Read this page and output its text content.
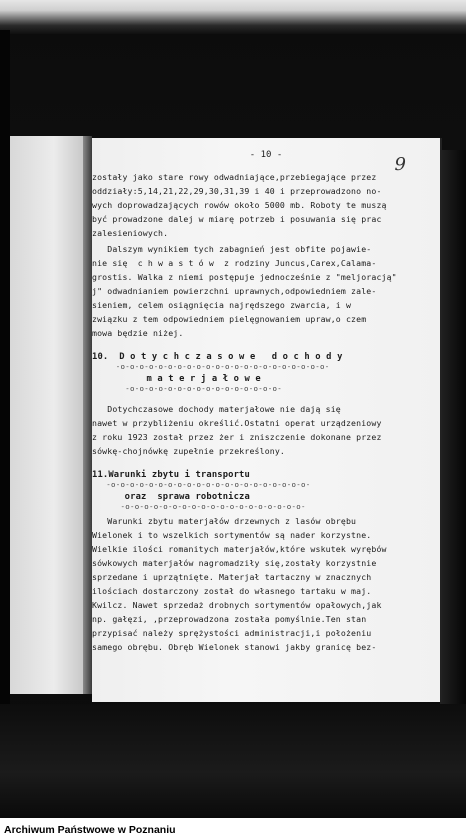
- 10 -	9
zostały jako stare rowy odwadniające,przebiegające przez
oddziały:5,14,21,22,29,30,31,39 i 40 i przeprowadzono no-
wych doprowadzających rowów około 5000 mb. Roboty te muszą
być prowadzone dalej w miarę potrzeb i posuwania się prac
zalesieniowych.
Dalszym wynikiem tych zabagnień jest obfite pojawie-
nie się  c h w a s t ó w  z rodziny Juncus,Carex,Calama-
grostis. Walka z niemi postępuje jednocześnie z "meljoracją"
j" odwadnianiem powierzchni uprawnych,odpowiedniem zale-
sieniem, celem osiągnięcia najrędszego zwarcia, i w
związku z tem odpowiedniem pielęgnowaniem upraw,o czem
mowa będzie niżej.
10.  D o t y c h c z a s o w e   d o c h o d y
-o-o-o-o-o-o-o-o-o-o-o-o-o-o-o-o-o-o-o-o-o-o-
m a t e r j a ł o w e
-o-o-o-o-o-o-o-o-o-o-o-o-o-o-o-o-
Dotychczasowe dochody materjałowe nie dają się
nawet w przybliżeniu określić.Ostatni operat urządzeniowy
z roku 1923 został przez żer i zniszczenie dokonane przez
sówkę-chojnówkę zupełnie przekreślony.
11.Warunki zbytu i transportu
-o-o-o-o-o-o-o-o-o-o-o-o-o-o-o-o-o-o-o-o-o-
oraz  sprawa robotnicza
-o-o-o-o-o-o-o-o-o-o-o-o-o-o-o-o-o-o-o-
Warunki zbytu materjałów drzewnych z lasów obrębu
Wielonek i to wszelkich sortymentów są nader korzystne.
Wielkie ilości romanitych materjałów,które wskutek wyrębów
sówkowych materjałów nagromadziły się,zostały korzystnie
sprzedane i uprzątnięte. Materjał tartaczny w znacznych
ilościach dostarczony został do własnego tartaku w maj.
Kwilcz. Nawet sprzedaż drobnych sortymentów opałowych,jak
np. gałęzi, ,przeprowadzona została pomyślnie.Ten stan
przypisać należy sprężystości administracji,i położeniu
samego obrębu. Obręb Wielonek stanowi jakby granicę bez-
Archiwum Państwowe w Poznaniu
